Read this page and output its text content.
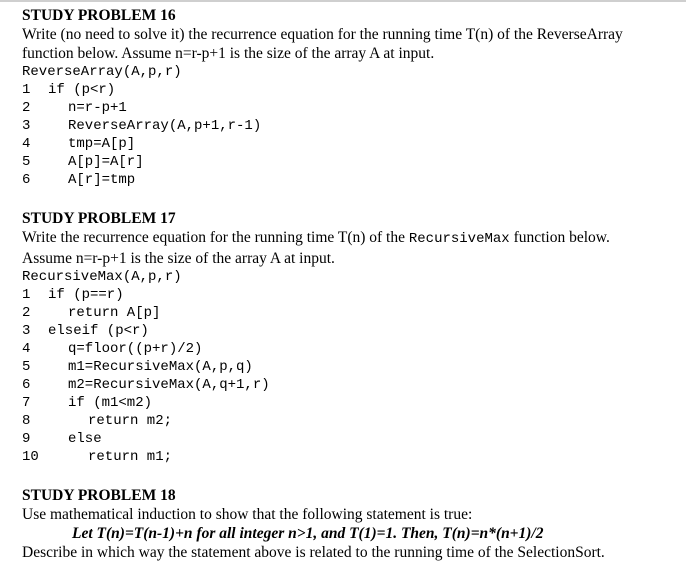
STUDY PROBLEM 16
Write (no need to solve it) the recurrence equation for the running time T(n) of the ReverseArray
function below. Assume n=r-p+1 is the size of the array A at input.
ReverseArray(A,p,r)

1

if (p<r)

2

	n=r-p+1

3

	ReverseArray(A,p+1,r-1)

4

	tmp=A[p]

5

	A[p]=A[r]

6

	A[r]=tmp

STUDY PROBLEM 17
Write the recurrence equation for the running time T(n) of the RecursiveMax function below.
Assume n=r-p+1 is the size of the array A at input.
RecursiveMax(A,p,r)

1

if (p==r)

2

	return A[p]

3

elseif (p<r)

4

	q=floor((p+r)/2)

5

	m1=RecursiveMax(A,p,q)

6

	m2=RecursiveMax(A,q+1,r)

7

	if (m1<m2)

8

	return m2;

9

	else

10

	return m1;

STUDY PROBLEM 18
Use mathematical induction to show that the following statement is true:
Let T(n)=T(n-1)+n for all integer n>1, and T(1)=1. Then, T(n)=n*(n+1)/2
Describe in which way the statement above is related to the running time of the SelectionSort.
